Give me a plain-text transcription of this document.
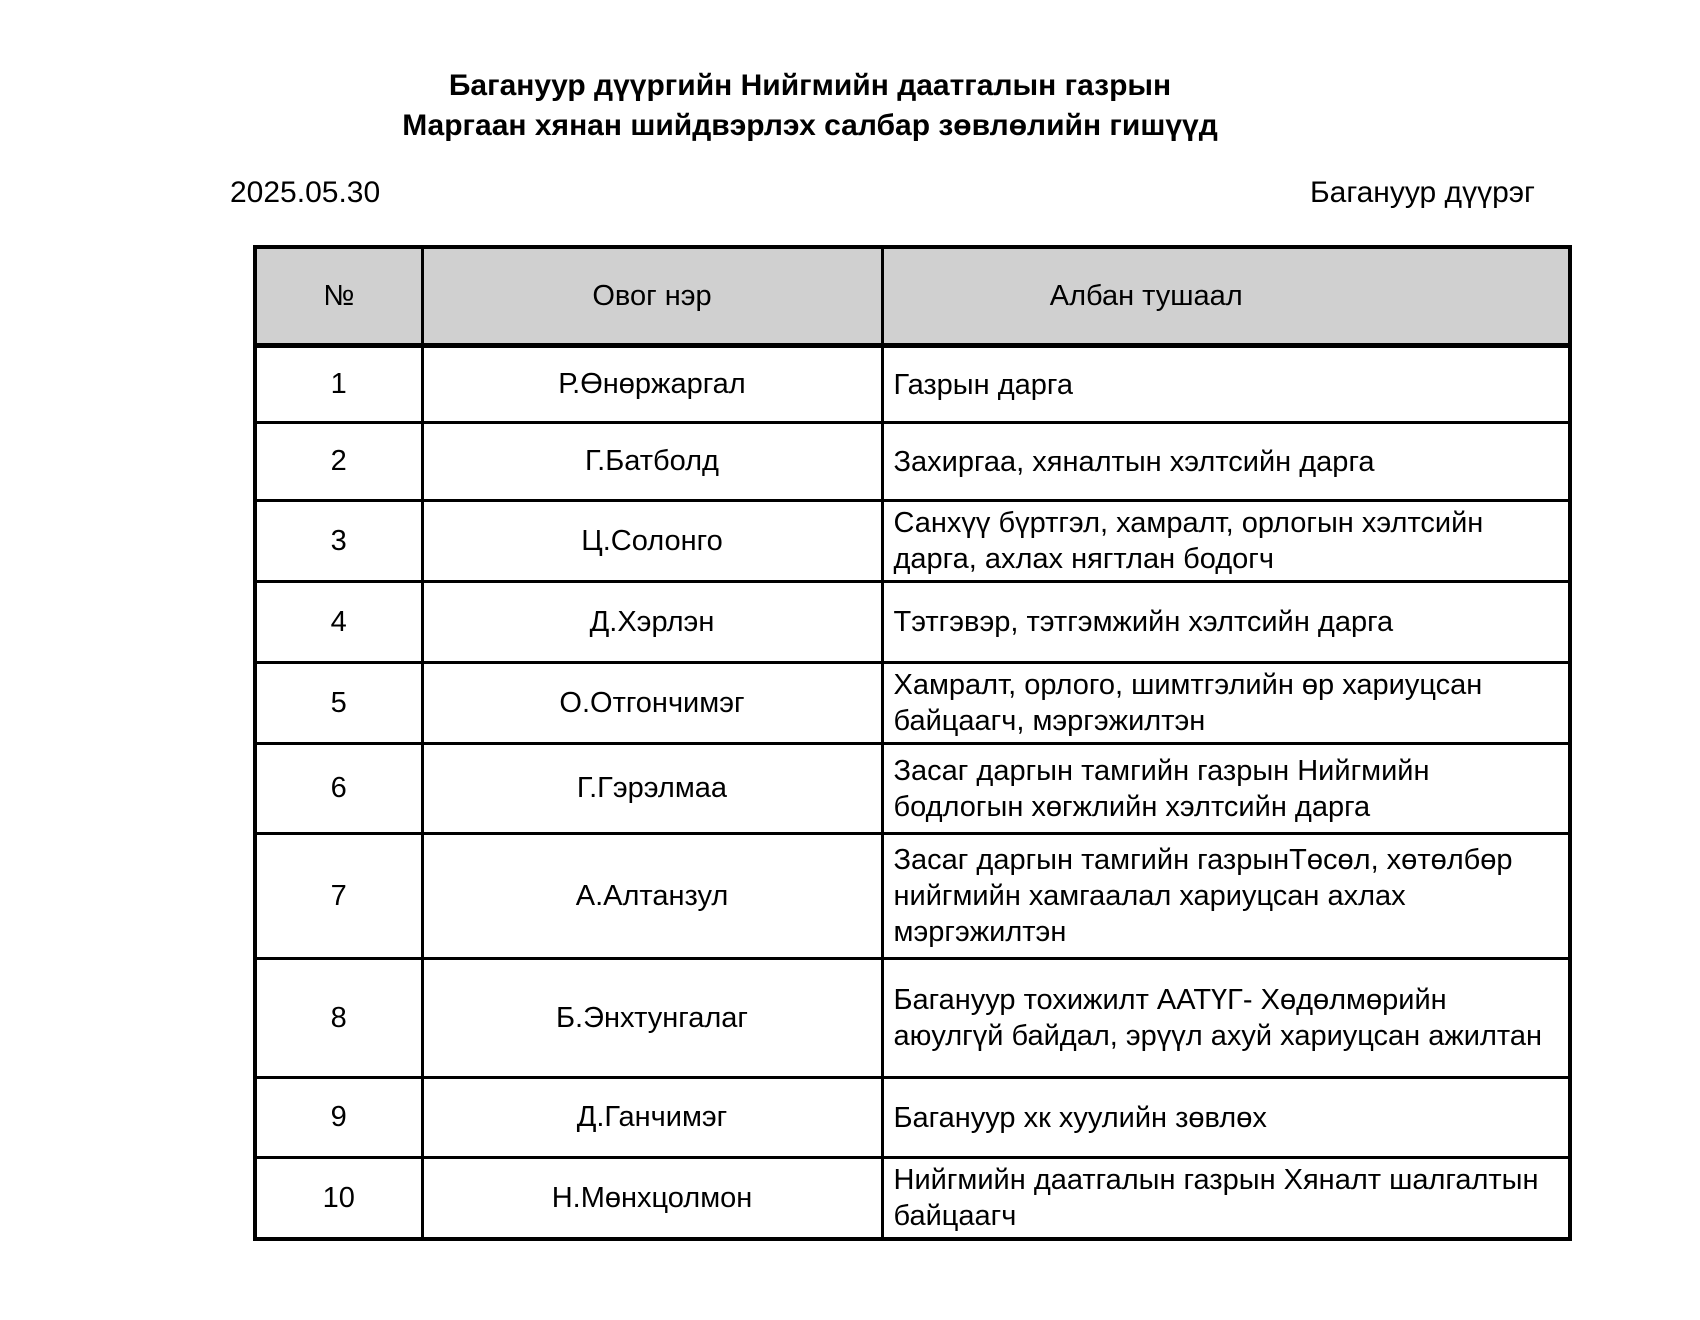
Багануур дүүргийн Нийгмийн даатгалын газрын
Маргаан хянан шийдвэрлэх салбар зөвлөлийн гишүүд
2025.05.30	Багануур дүүрэг
№	Овог нэр	Албан тушаал
1	Р.Өнөржаргал	Газрын дарга
2	Г.Батболд	Захиргаа, хяналтын хэлтсийн дарга
3	Ц.Солонго	Санхүү бүртгэл, хамралт, орлогын хэлтсийн дарга, ахлах нягтлан бодогч
4	Д.Хэрлэн	Тэтгэвэр, тэтгэмжийн хэлтсийн дарга
5	О.Отгончимэг	Хамралт, орлого, шимтгэлийн өр хариуцсан байцаагч, мэргэжилтэн
6	Г.Гэрэлмаа	Засаг даргын тамгийн газрын Нийгмийн бодлогын хөгжлийн хэлтсийн дарга
7	А.Алтанзул	Засаг даргын тамгийн газрынТөсөл, хөтөлбөр нийгмийн хамгаалал хариуцсан ахлах мэргэжилтэн
8	Б.Энхтунгалаг	Багануур тохижилт ААТҮГ- Хөдөлмөрийн аюулгүй байдал, эрүүл ахуй хариуцсан ажилтан
9	Д.Ганчимэг	Багануур хк хуулийн зөвлөх
10	Н.Мөнхцолмон	Нийгмийн даатгалын газрын Хяналт шалгалтын байцаагч
